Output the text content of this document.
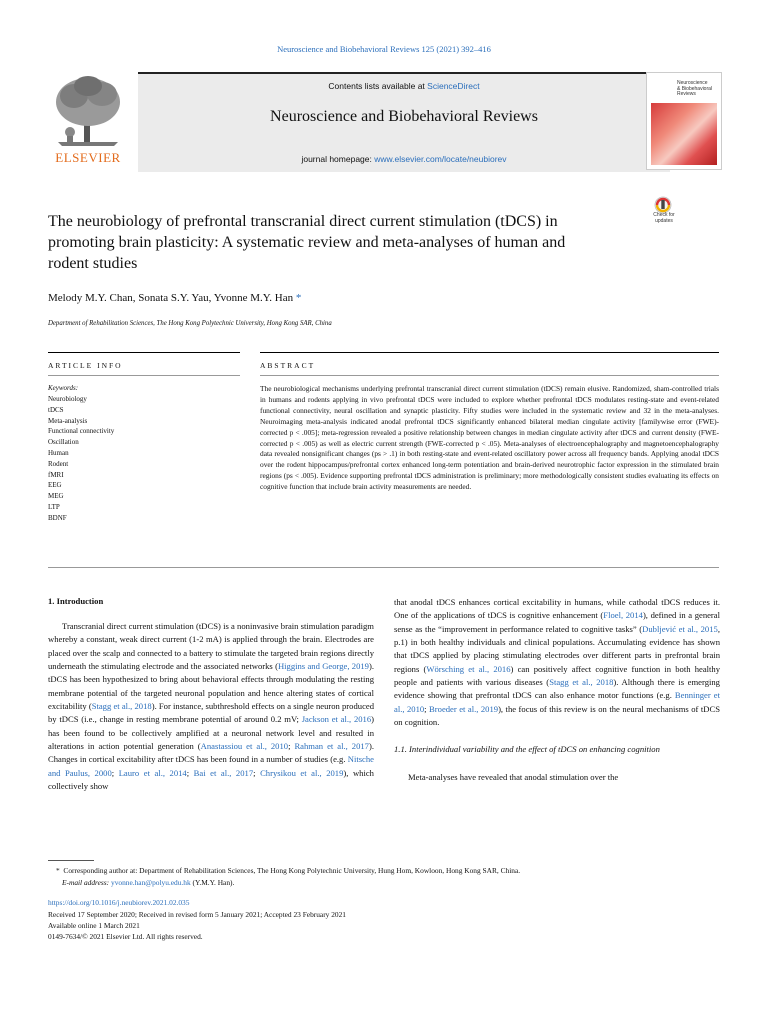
Neuroscience and Biobehavioral Reviews 125 (2021) 392–416
ELSEVIER
Contents lists available at ScienceDirect
Neuroscience and Biobehavioral Reviews
journal homepage: www.elsevier.com/locate/neubiorev
Neuroscience
& Biobehavioral
Reviews
The neurobiology of prefrontal transcranial direct current stimulation (tDCS) in promoting brain plasticity: A systematic review and meta-analyses of human and rodent studies
Check for
updates
Melody M.Y. Chan, Sonata S.Y. Yau, Yvonne M.Y. Han *
Department of Rehabilitation Sciences, The Hong Kong Polytechnic University, Hong Kong SAR, China
ARTICLE INFO	ABSTRACT
Keywords:
Neurobiology
tDCS
Meta-analysis
Functional connectivity
Oscillation
Human
Rodent
fMRI
EEG
MEG
LTP
BDNF
The neurobiological mechanisms underlying prefrontal transcranial direct current stimulation (tDCS) remain elusive. Randomized, sham-controlled trials in humans and rodents applying in vivo prefrontal tDCS were included to explore whether prefrontal tDCS modulates resting-state and event-related functional connectivity, neural oscillation and synaptic plasticity. Fifty studies were included in the systematic review and 32 in the meta-analyses. Neuroimaging meta-analysis indicated anodal prefrontal tDCS significantly enhanced bilateral median cingulate activity [familywise error (FWE)-corrected p < .005]; meta-regression revealed a positive relationship between changes in median cingulate activity after tDCS and current density (FWE-corrected p < .005) as well as electric current strength (FWE-corrected p < .05). Meta-analyses of electroencephalography and magnetoencephalography data revealed nonsignificant changes (ps > .1) in both resting-state and event-related oscillatory power across all frequency bands. Applying anodal tDCS over the rodent hippocampus/prefrontal cortex enhanced long-term potentiation and brain-derived neurotrophic factor expression in the stimulated brain regions (ps < .005). Evidence supporting prefrontal tDCS administration is preliminary; more methodologically consistent studies evaluating its effects on cognitive function that include brain activity measurements are needed.
1. Introduction

Transcranial direct current stimulation (tDCS) is a noninvasive brain stimulation paradigm whereby a constant, weak direct current (1-2 mA) is applied through the brain. Electrodes are placed over the scalp and connected to a battery to stimulate the targeted brain regions directly underneath the stimulating electrode and the associated networks (Higgins and George, 2019). tDCS has been hypothesized to bring about behavioral effects through modulating the resting membrane potential of the targeted neuronal population and hence altering states of cortical excitability (Stagg et al., 2018). For instance, subthreshold effects on a single neuron produced by tDCS (i.e., change in resting membrane potential of around 0.2 mV; Jackson et al., 2016) has been found to be collectively amplified at a neuronal network level and resulted in alterations in action potential generation (Anastassiou et al., 2010; Rahman et al., 2017). Changes in cortical excitability after tDCS has been found in a number of studies (e.g. Nitsche and Paulus, 2000; Lauro et al., 2014; Bai et al., 2017; Chrysikou et al., 2019), which collectively show

that anodal tDCS enhances cortical excitability in humans, while cathodal tDCS reduces it. One of the applications of tDCS is cognitive enhancement (Floel, 2014), defined in a general sense as the “improvement in performance related to cognitive tasks” (Dubljević et al., 2015, p.1) in both healthy individuals and clinical populations. Accumulating evidence has shown that tDCS applied by placing stimulating electrodes over different parts in prefrontal brain regions (Wörsching et al., 2016) can positively affect cognitive function in both healthy people and patients with various diseases (Stagg et al., 2018). Although there is emerging evidence showing that prefrontal tDCS can also enhance motor functions (e.g. Benninger et al., 2010; Broeder et al., 2019), the focus of this review is on the neural mechanisms of tDCS on cognition.

1.1. Interindividual variability and the effect of tDCS on enhancing cognition

Meta-analyses have revealed that anodal stimulation over the

*  Corresponding author at: Department of Rehabilitation Sciences, The Hong Kong Polytechnic University, Hung Hom, Kowloon, Hong Kong SAR, China.
E-mail address: yvonne.han@polyu.edu.hk (Y.M.Y. Han).
https://doi.org/10.1016/j.neubiorev.2021.02.035
Received 17 September 2020; Received in revised form 5 January 2021; Accepted 23 February 2021
Available online 1 March 2021
0149-7634/© 2021 Elsevier Ltd. All rights reserved.
